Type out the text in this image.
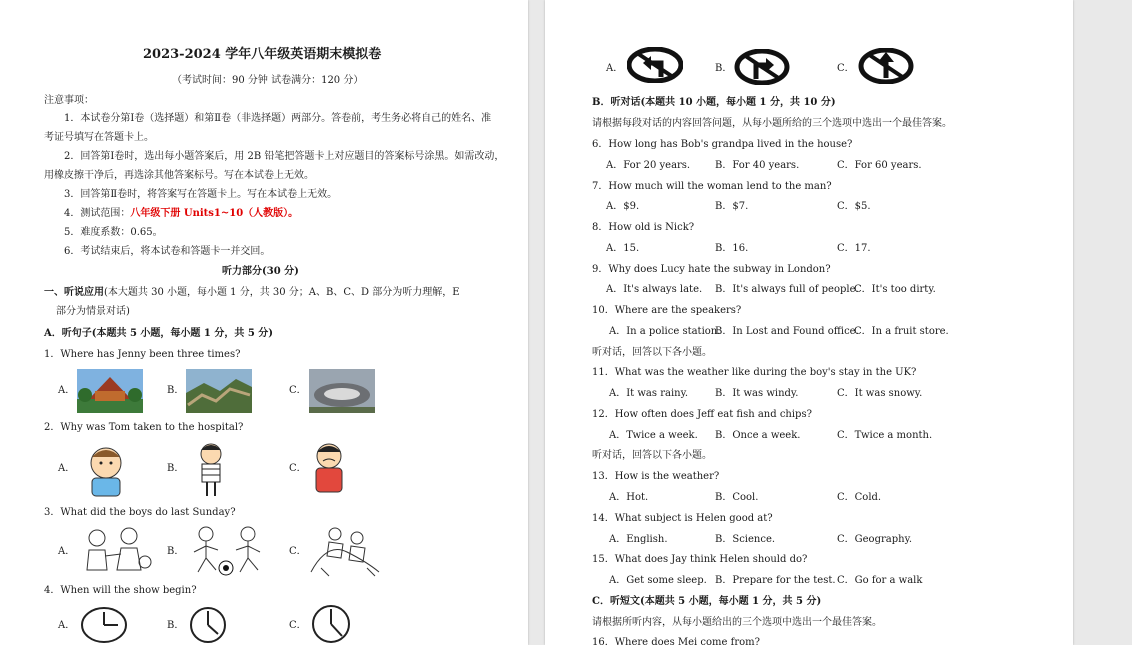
2023-2024 学年八年级英语期末模拟卷
（考试时间：90 分钟 试卷满分：120 分）
注意事项：
1．本试卷分第Ⅰ卷（选择题）和第Ⅱ卷（非选择题）两部分。答卷前，考生务必将自己的姓名、准
考证号填写在答题卡上。
2．回答第Ⅰ卷时，选出每小题答案后，用 2B 铅笔把答题卡上对应题目的答案标号涂黑。如需改动，
用橡皮擦干净后，再选涂其他答案标号。写在本试卷上无效。
3．回答第Ⅱ卷时，将答案写在答题卡上。写在本试卷上无效。
4．测试范围：八年级下册 Units1~10（人教版）。
5．难度系数：0.65。
6．考试结束后，将本试卷和答题卡一并交回。
听力部分(30 分)
一、听说应用(本大题共 30 小题，每小题 1 分，共 30 分；A、B、C、D 部分为听力理解，E
部分为情景对话)
A．听句子(本题共 5 小题，每小题 1 分，共 5 分)
1．Where has Jenny been three times?
A．	B．	C．
2．Why was Tom taken to the hospital?
A．	B．	C．
3．What did the boys do last Sunday?
A．	B．	C．
4．When will the show begin?
A．	B．	C．
A．	B．	C．
B．听对话(本题共 10 小题，每小题 1 分，共 10 分)
请根据每段对话的内容回答问题，从每小题所给的三个选项中选出一个最佳答案。
6．How long has Bob's grandpa lived in the house?
A．For 20 years. B．For 40 years.	C．For 60 years.
7．How much will the woman lend to the man?
A．$9.	B．$7.	C．$5.
8．How old is Nick?
A．15.	B．16.	C．17.
9．Why does Lucy hate the subway in London?
A．It's always late. B．It's always full of people.
C．It's too dirty.
10．Where are the speakers?
A．In a police station.
B．In Lost and Found office.
C．In a fruit store.
听对话，回答以下各小题。
11．What was the weather like during the boy's stay in the UK?
A．It was rainy.	B．It was windy.	C．It was snowy.
12．How often does Jeff eat fish and chips?
A．Twice a week. B．Once a week.	C．Twice a month.
听对话，回答以下各小题。
13．How is the weather?
A．Hot.	B．Cool.	C．Cold.
14．What subject is Helen good at?
A．English.	B．Science.	C．Geography.
15．What does Jay think Helen should do?
A．Get some sleep. B．Prepare for the test. C．Go for a walk
C．听短文(本题共 5 小题，每小题 1 分，共 5 分)
请根据所听内容，从每小题给出的三个选项中选出一个最佳答案。
16．Where does Mei come from?
